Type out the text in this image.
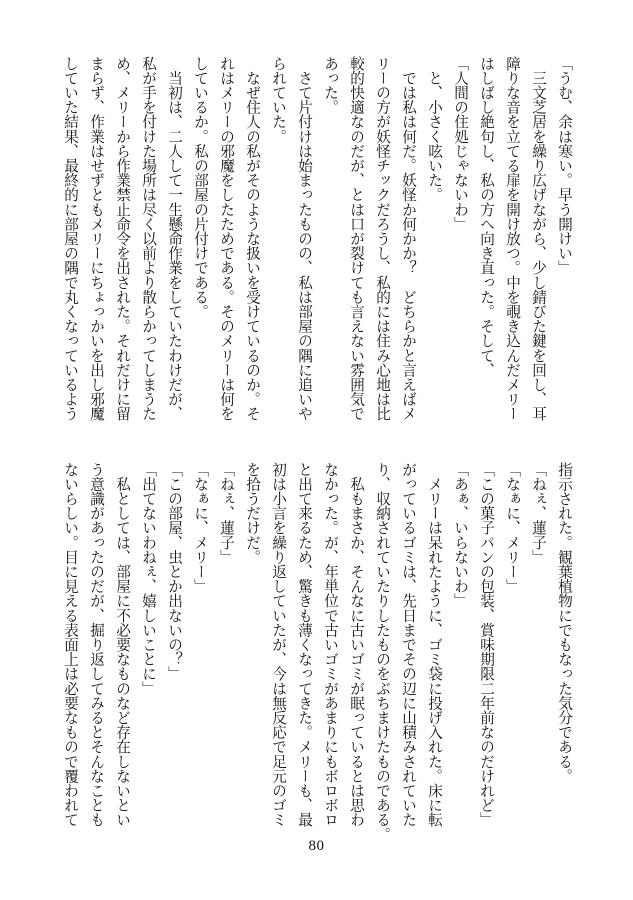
「うむ、余は寒い。早う開けい」

　三文芝居を繰り広げながら、少し錆びた鍵を回し、耳

障りな音を立てる扉を開け放つ。中を覗き込んだメリー

はしばし絶句し、私の方へ向き直った。そして、

「人間の住処じゃないわ」

　と、小さく呟いた。

　では私は何だ。妖怪か何かか？　どちらかと言えばメ

リーの方が妖怪チックだろうし、私的には住み心地は比

較的快適なのだが、とは口が裂けても言えない雰囲気で

あった。

　さて片付けは始まったものの、私は部屋の隅に追いや

られていた。

　なぜ住人の私がそのような扱いを受けているのか。そ

れはメリーの邪魔をしたためである。そのメリーは何を

しているか。私の部屋の片付けである。

　当初は、二人して一生懸命作業をしていたわけだが、

私が手を付けた場所は尽く以前より散らかってしまうた

め、メリーから作業禁止命令を出された。それだけに留

まらず、作業はせずともメリーにちょっかいを出し邪魔

していた結果、最終的に部屋の隅で丸くなっているよう

指示された。観葉植物にでもなった気分である。

「ねぇ、蓮子」

「なぁに、メリー」

「この菓子パンの包装、賞味期限二年前なのだけれど」

「あぁ、いらないわ」

　メリーは呆れたように、ゴミ袋に投げ入れた。床に転

がっているゴミは、先日までその辺に山積みされていた

り、収納されていたりしたものをぶちまけたものである。

　私もまさか、そんなに古いゴミが眠っているとは思わ

なかった。が、年単位で古いゴミがあまりにもボロボロ

と出て来るため、驚きも薄くなってきた。メリーも、最

初は小言を繰り返していたが、今は無反応で足元のゴミ

を拾うだけだ。

「ねぇ、蓮子」

「なぁに、メリー」

「この部屋、虫とか出ないの？」

「出てないわねぇ、嬉しいことに」

　私としては、部屋に不必要なものなど存在しないとい

う意識があったのだが、掘り返してみるとそんなことも

ないらしい。目に見える表面上は必要なもので覆われて

80
